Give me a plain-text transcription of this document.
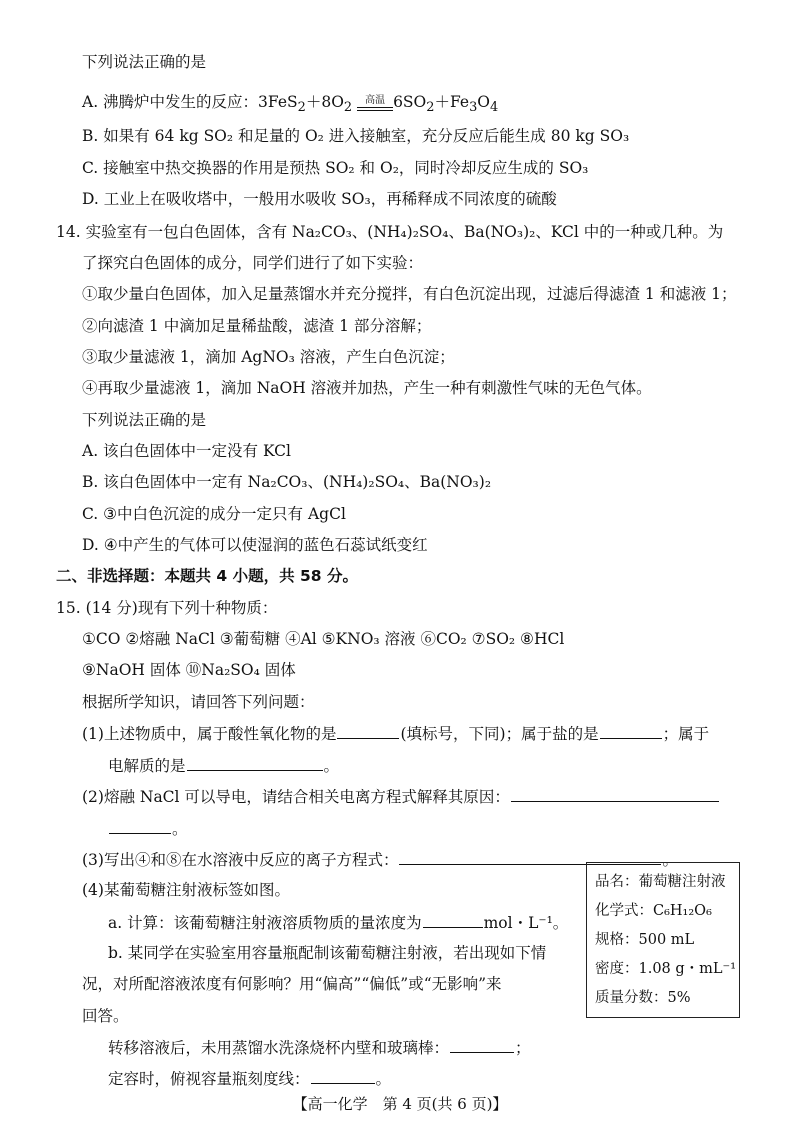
下列说法正确的是
A. 沸腾炉中发生的反应：$3FeS_2+8O_2$	高温 $6SO_2+Fe_3O_4$
B. 如果有 64 kg SO₂ 和足量的 O₂ 进入接触室，充分反应后能生成 80 kg SO₃
C. 接触室中热交换器的作用是预热 SO₂ 和 O₂，同时冷却反应生成的 SO₃
D. 工业上在吸收塔中，一般用水吸收 SO₃，再稀释成不同浓度的硫酸
14. 实验室有一包白色固体，含有 Na₂CO₃、(NH₄)₂SO₄、Ba(NO₃)₂、KCl 中的一种或几种。为
了探究白色固体的成分，同学们进行了如下实验：
①取少量白色固体，加入足量蒸馏水并充分搅拌，有白色沉淀出现，过滤后得滤渣 1 和滤液 1；
②向滤渣 1 中滴加足量稀盐酸，滤渣 1 部分溶解；
③取少量滤液 1，滴加 AgNO₃ 溶液，产生白色沉淀；
④再取少量滤液 1，滴加 NaOH 溶液并加热，产生一种有刺激性气味的无色气体。
下列说法正确的是
A. 该白色固体中一定没有 KCl
B. 该白色固体中一定有 Na₂CO₃、(NH₄)₂SO₄、Ba(NO₃)₂
C. ③中白色沉淀的成分一定只有 AgCl
D. ④中产生的气体可以使湿润的蓝色石蕊试纸变红
二、非选择题：本题共 4 小题，共 58 分。
15. (14 分)现有下列十种物质：
①CO ②熔融 NaCl ③葡萄糖 ④Al ⑤KNO₃ 溶液 ⑥CO₂ ⑦SO₂ ⑧HCl
⑨NaOH 固体 ⑩Na₂SO₄ 固体
根据所学知识，请回答下列问题：
(1)上述物质中，属于酸性氧化物的是	(填标号，下同)；属于盐的是	；属于
电解质的是	。
(2)熔融 NaCl 可以导电，请结合相关电离方程式解释其原因：
。
(3)写出④和⑧在水溶液中反应的离子方程式：	。
(4)某葡萄糖注射液标签如图。
a. 计算：该葡萄糖注射液溶质物质的量浓度为	mol・L⁻¹。
b. 某同学在实验室用容量瓶配制该葡萄糖注射液，若出现如下情
况，对所配溶液浓度有何影响？用“偏高”“偏低”或“无影响”来
回答。
转移溶液后，未用蒸馏水洗涤烧杯内壁和玻璃棒：	；
定容时，俯视容量瓶刻度线：	。
品名：葡萄糖注射液
化学式：C₆H₁₂O₆
规格：500 mL
密度：1.08 g・mL⁻¹
质量分数：5%
【高一化学　第 4 页(共 6 页)】
